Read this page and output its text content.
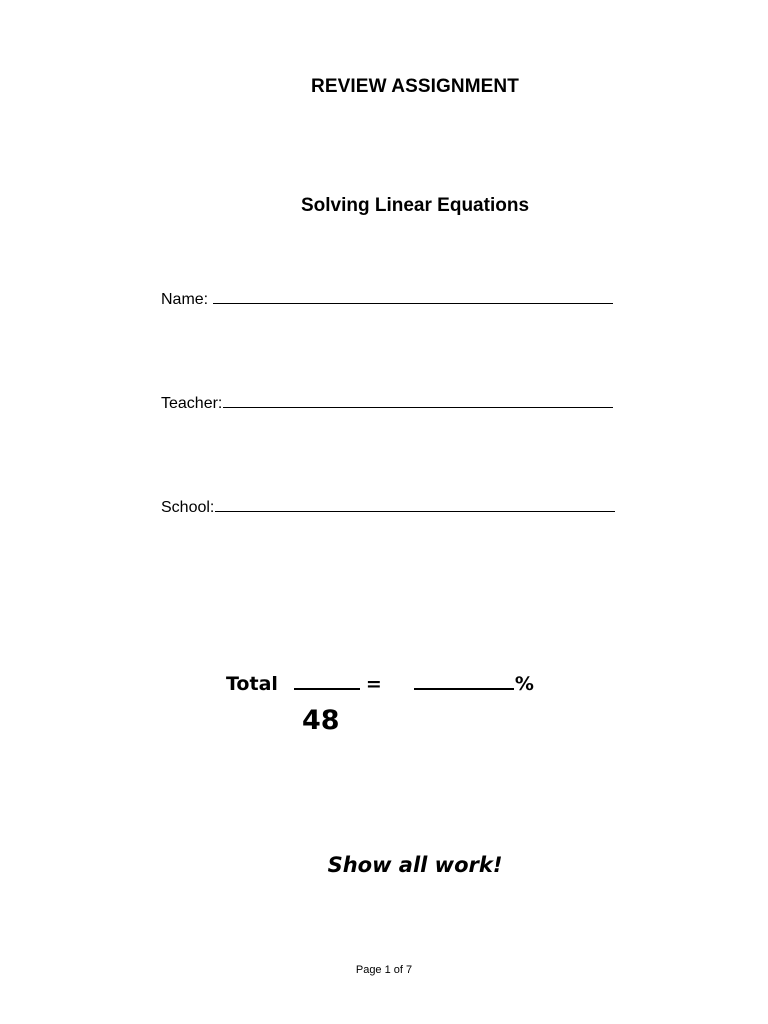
REVIEW ASSIGNMENT
Solving Linear Equations
Name:
Teacher:
School:
Total	=	%
48
Show all work!
Page 1 of 7
